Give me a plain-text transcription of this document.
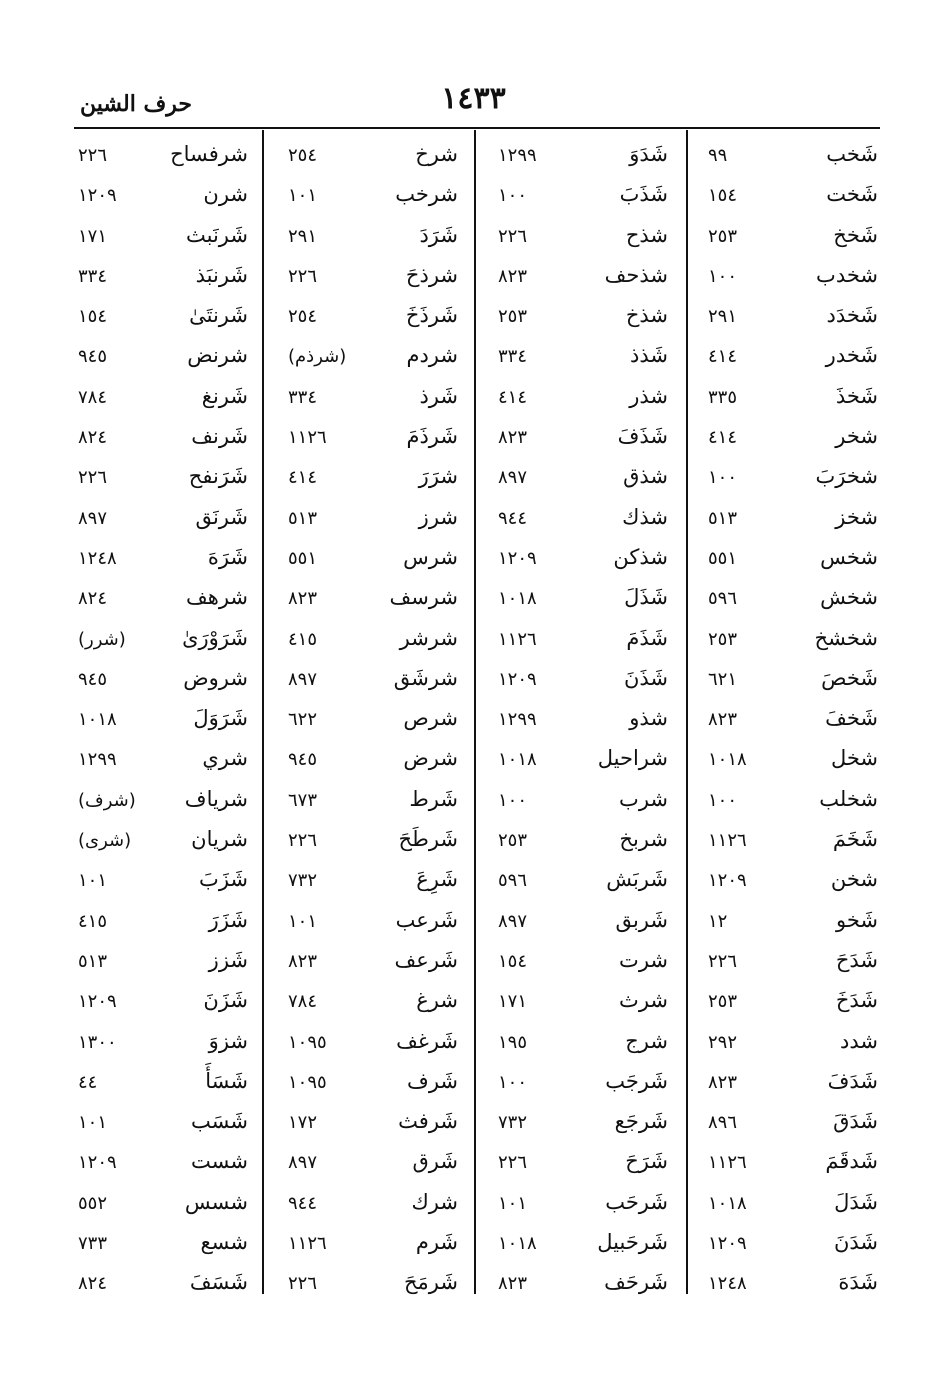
١٤٣٣
حرف الشين
شَخب
٩٩
شَخت
١٥٤
شَخخ
٢٥٣
شخدب
١٠٠
شَخدَد
٢٩١
شَخدر
٤١٤
شَخذَ
٣٣٥
شخر
٤١٤
شخرَبَ
١٠٠
شخز
٥١٣
شخس
٥٥١
شخش
٥٩٦
شخشخ
٢٥٣
شَخصَ
٦٢١
شَخفَ
٨٢٣
شخل
١٠١٨
شخلب
١٠٠
شَخَمَ
١١٢٦
شخن
١٢٠٩
شَخو
١٢
شَدَحَ
٢٢٦
شَدَخَ
٢٥٣
شدد
٢٩٢
شَدَفَ
٨٢٣
شَدَقَ
٨٩٦
شَدقَمَ
١١٢٦
شَدَلَ
١٠١٨
شَدَنَ
١٢٠٩
شَدَهَ
١٢٤٨
شَدَوَ
١٢٩٩
شَذَبَ
١٠٠
شذح
٢٢٦
شذحف
٨٢٣
شذخ
٢٥٣
شَذذ
٣٣٤
شذر
٤١٤
شَذَفَ
٨٢٣
شذق
٨٩٧
شذك
٩٤٤
شذكن
١٢٠٩
شَذَلَ
١٠١٨
شَذَمَ
١١٢٦
شَذَنَ
١٢٠٩
شذو
١٢٩٩
شراحيل
١٠١٨
شرب
١٠٠
شربخ
٢٥٣
شَربَش
٥٩٦
شَربق
٨٩٧
شرت
١٥٤
شرث
١٧١
شرج
١٩٥
شَرجَب
١٠٠
شَرجَع
٧٣٢
شَرَحَ
٢٢٦
شَرحَب
١٠١
شَرحَبيل
١٠١٨
شَرحَف
٨٢٣
شرخ
٢٥٤
شرخب
١٠١
شَرَدَ
٢٩١
شرذحَ
٢٢٦
شَرذَخَ
٢٥٤
شردم
(شرذم)
شَرذ
٣٣٤
شَرذَمَ
١١٢٦
شرَرَ
٤١٤
شرز
٥١٣
شرس
٥٥١
شرسف
٨٢٣
شرشر
٤١٥
شرشَق
٨٩٧
شرص
٦٢٢
شرض
٩٤٥
شَرط
٦٧٣
شَرطَحَ
٢٢٦
شَرِعَ
٧٣٢
شَرعب
١٠١
شَرعف
٨٢٣
شرغ
٧٨٤
شَرغف
١٠٩٥
شَرف
١٠٩٥
شَرفث
١٧٢
شَرق
٨٩٧
شرك
٩٤٤
شَرم
١١٢٦
شَرمَحَ
٢٢٦
شرفساح
٢٢٦
شرن
١٢٠٩
شَرنَبث
١٧١
شَرنبَذ
٣٣٤
شَرنتَىٰ
١٥٤
شرنض
٩٤٥
شَرنغ
٧٨٤
شَرنف
٨٢٤
شَرَنفح
٢٢٦
شَرنَق
٨٩٧
شَرَهَ
١٢٤٨
شرهف
٨٢٤
شَرَوْرَىٰ
(شرر)
شروض
٩٤٥
شَرَوَلَ
١٠١٨
شري
١٢٩٩
شرياف
(شرف)
شريان
(شرى)
شَزَبَ
١٠١
شَزَرَ
٤١٥
شَزز
٥١٣
شَزَنَ
١٢٠٩
شزوَ
١٣٠٠
شَسَأَ
٤٤
شَسَب
١٠١
شست
١٢٠٩
شسس
٥٥٢
شسع
٧٣٣
شَسَفَ
٨٢٤
